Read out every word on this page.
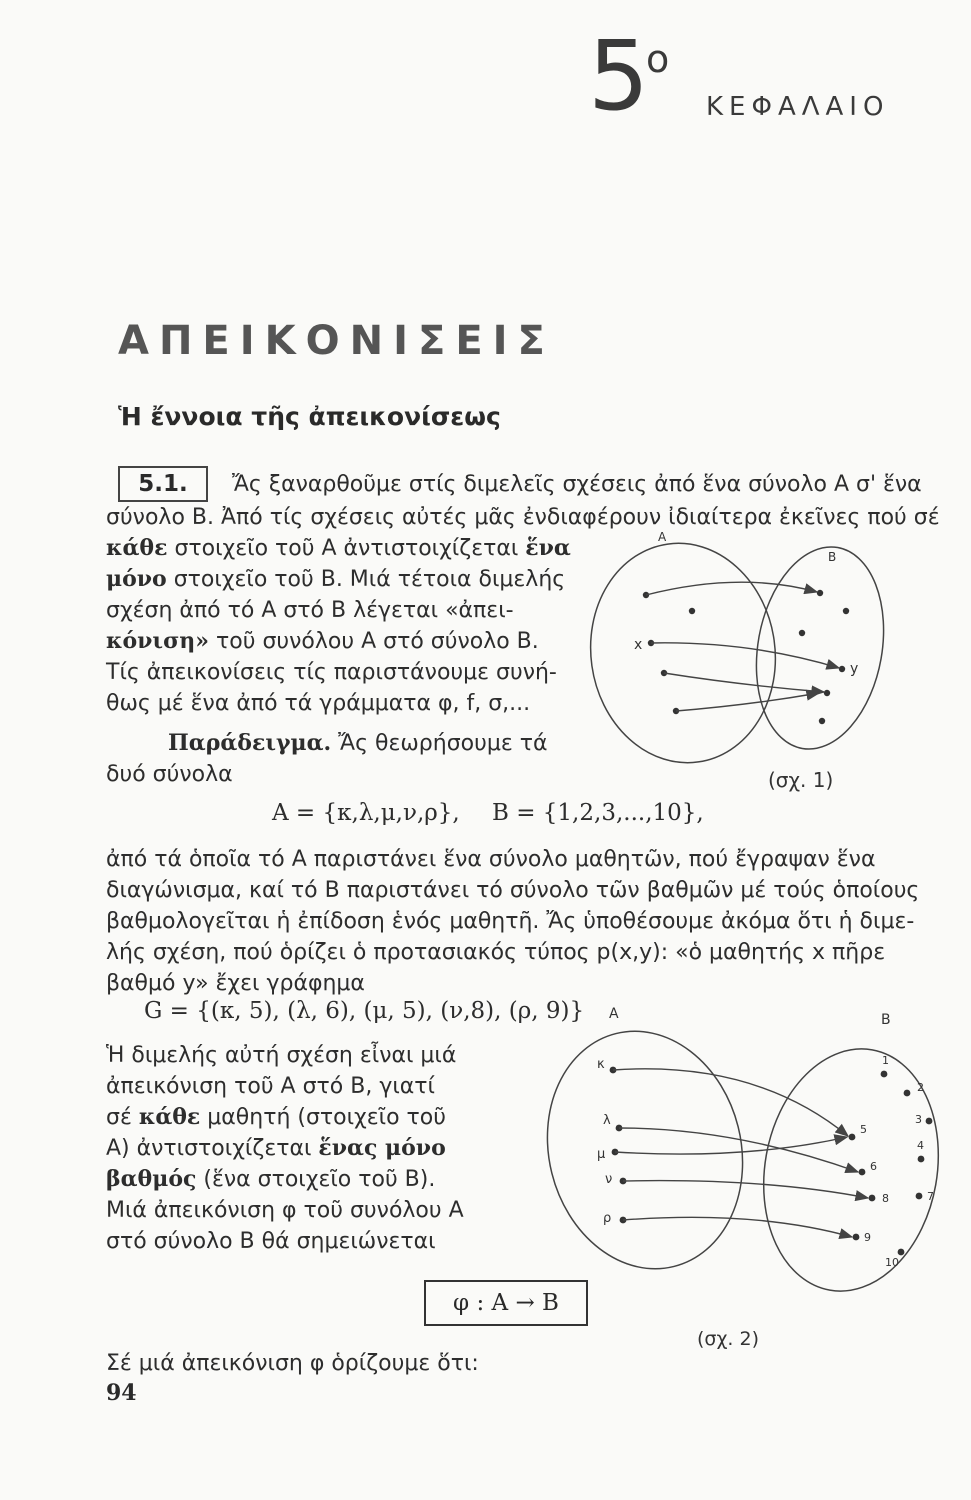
5
ο
ΚΕΦΑΛΑΙΟ
ΑΠΕΙΚΟΝΙΣΕΙΣ
Ἡ ἔννοια τῆς ἀπεικονίσεως
5.1.	Ἄς ξαναρθοῦμε στίς διμελεῖς σχέσεις ἀπό ἕνα σύνολο Α σ' ἕνα
σύνολο Β. Ἀπό τίς σχέσεις αὐτές μᾶς ἐνδιαφέρουν ἰδιαίτερα ἐκεῖνες πού σέ
κάθε στοιχεῖο τοῦ Α ἀντιστοιχίζεται ἕνα
μόνο στοιχεῖο τοῦ Β. Μιά τέτοια διμελής
σχέση ἀπό τό Α στό Β λέγεται «ἀπει-
κόνιση» τοῦ συνόλου Α στό σύνολο Β.
Τίς ἀπεικονίσεις τίς παριστάνουμε συνή-
θως μέ ἕνα ἀπό τά γράμματα φ, f, σ,...
Παράδειγμα. Ἄς θεωρήσουμε τά
δυό σύνολα
A
B
x
y
(σχ. 1)
Α = {κ,λ,μ,ν,ρ}, Β = {1,2,3,...,10},
ἀπό τά ὁποῖα τό Α παριστάνει ἕνα σύνολο μαθητῶν, πού ἔγραψαν ἕνα
διαγώνισμα, καί τό Β παριστάνει τό σύνολο τῶν βαθμῶν μέ τούς ὁποίους
βαθμολογεῖται ἡ ἐπίδοση ἑνός μαθητῆ. Ἄς ὑποθέσουμε ἀκόμα ὅτι ἡ διμε-
λής σχέση, πού ὁρίζει ὁ προτασιακός τύπος p(x,y): «ὁ μαθητής x πῆρε
βαθμό y» ἔχει γράφημα
G = {(κ, 5), (λ, 6), (μ, 5), (ν,8), (ρ, 9)}
Ἡ διμελής αὐτή σχέση εἶναι μιά
ἀπεικόνιση τοῦ Α στό Β, γιατί
σέ κάθε μαθητή (στοιχεῖο τοῦ
Α) ἀντιστοιχίζεται ἕνας μόνο
βαθμός (ἕνα στοιχεῖο τοῦ Β).
Μιά ἀπεικόνιση φ τοῦ συνόλου Α
στό σύνολο Β θά σημειώνεται
φ : Α → Β
Σέ μιά ἀπεικόνιση φ ὁρίζουμε ὅτι:
94
A	B
κ
λ
μ
ν
ρ
1
2
3
4
5
6
7
8
9
10
(σχ. 2)
